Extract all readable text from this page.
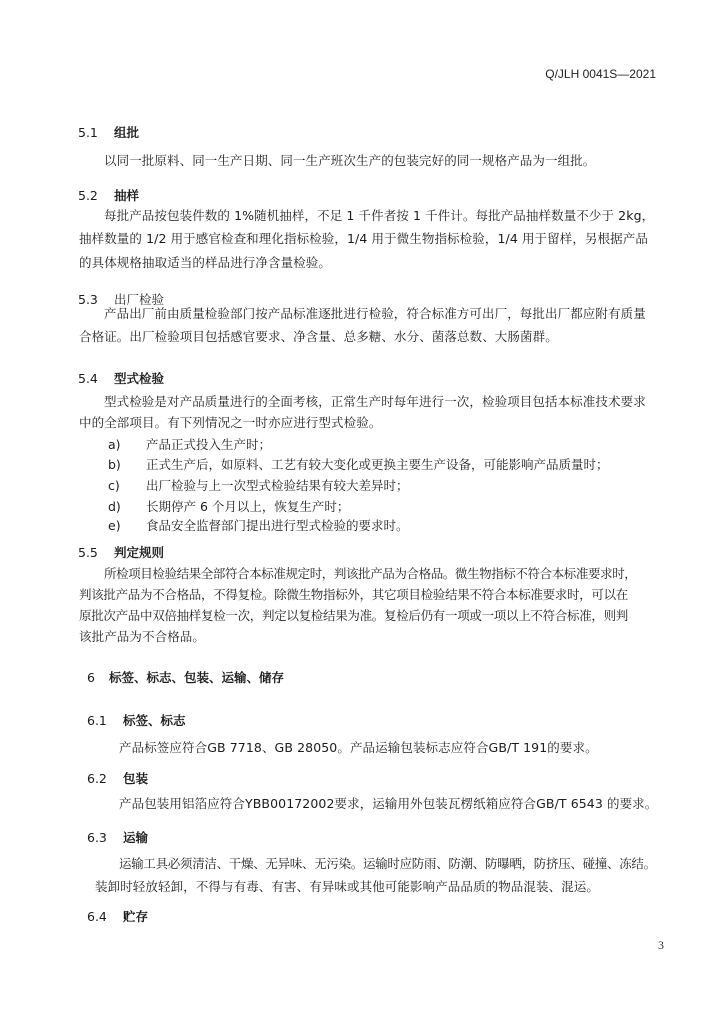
Q/JLH 0041S—2021
5.1 组批
以同一批原料、同一生产日期、同一生产班次生产的包装完好的同一规格产品为一组批。
5.2 抽样
每批产品按包装件数的 1%随机抽样，不足 1 千件者按 1 千件计。每批产品抽样数量不少于 2kg，
抽样数量的 1/2 用于感官检查和理化指标检验，1/4 用于微生物指标检验，1/4 用于留样，另根据产品
的具体规格抽取适当的样品进行净含量检验。
5.3 出厂检验
产品出厂前由质量检验部门按产品标准逐批进行检验，符合标准方可出厂，每批出厂都应附有质量
合格证。出厂检验项目包括感官要求、净含量、总多糖、水分、菌落总数、大肠菌群。
5.4 型式检验
型式检验是对产品质量进行的全面考核，正常生产时每年进行一次，检验项目包括本标准技术要求
中的全部项目。有下列情况之一时亦应进行型式检验。
a) 产品正式投入生产时；
b) 正式生产后，如原料、工艺有较大变化或更换主要生产设备，可能影响产品质量时；
c) 出厂检验与上一次型式检验结果有较大差异时；
d) 长期停产 6 个月以上，恢复生产时；
e) 食品安全监督部门提出进行型式检验的要求时。
5.5 判定规则
所检项目检验结果全部符合本标准规定时，判该批产品为合格品。微生物指标不符合本标准要求时，
判该批产品为不合格品，不得复检。除微生物指标外，其它项目检验结果不符合本标准要求时，可以在
原批次产品中双倍抽样复检一次，判定以复检结果为准。复检后仍有一项或一项以上不符合标准，则判
该批产品为不合格品。
6 标签、标志、包装、运输、储存
6.1 标签、标志
产品标签应符合GB 7718、GB 28050。产品运输包装标志应符合GB/T 191的要求。
6.2 包装
产品包装用铝箔应符合YBB00172002要求，运输用外包装瓦楞纸箱应符合GB/T 6543 的要求。
6.3 运输
运输工具必须清洁、干燥、无异味、无污染。运输时应防雨、防潮、防曝晒，防挤压、碰撞、冻结。
装卸时轻放轻卸，不得与有毒、有害、有异味或其他可能影响产品品质的物品混装、混运。
6.4 贮存
3
